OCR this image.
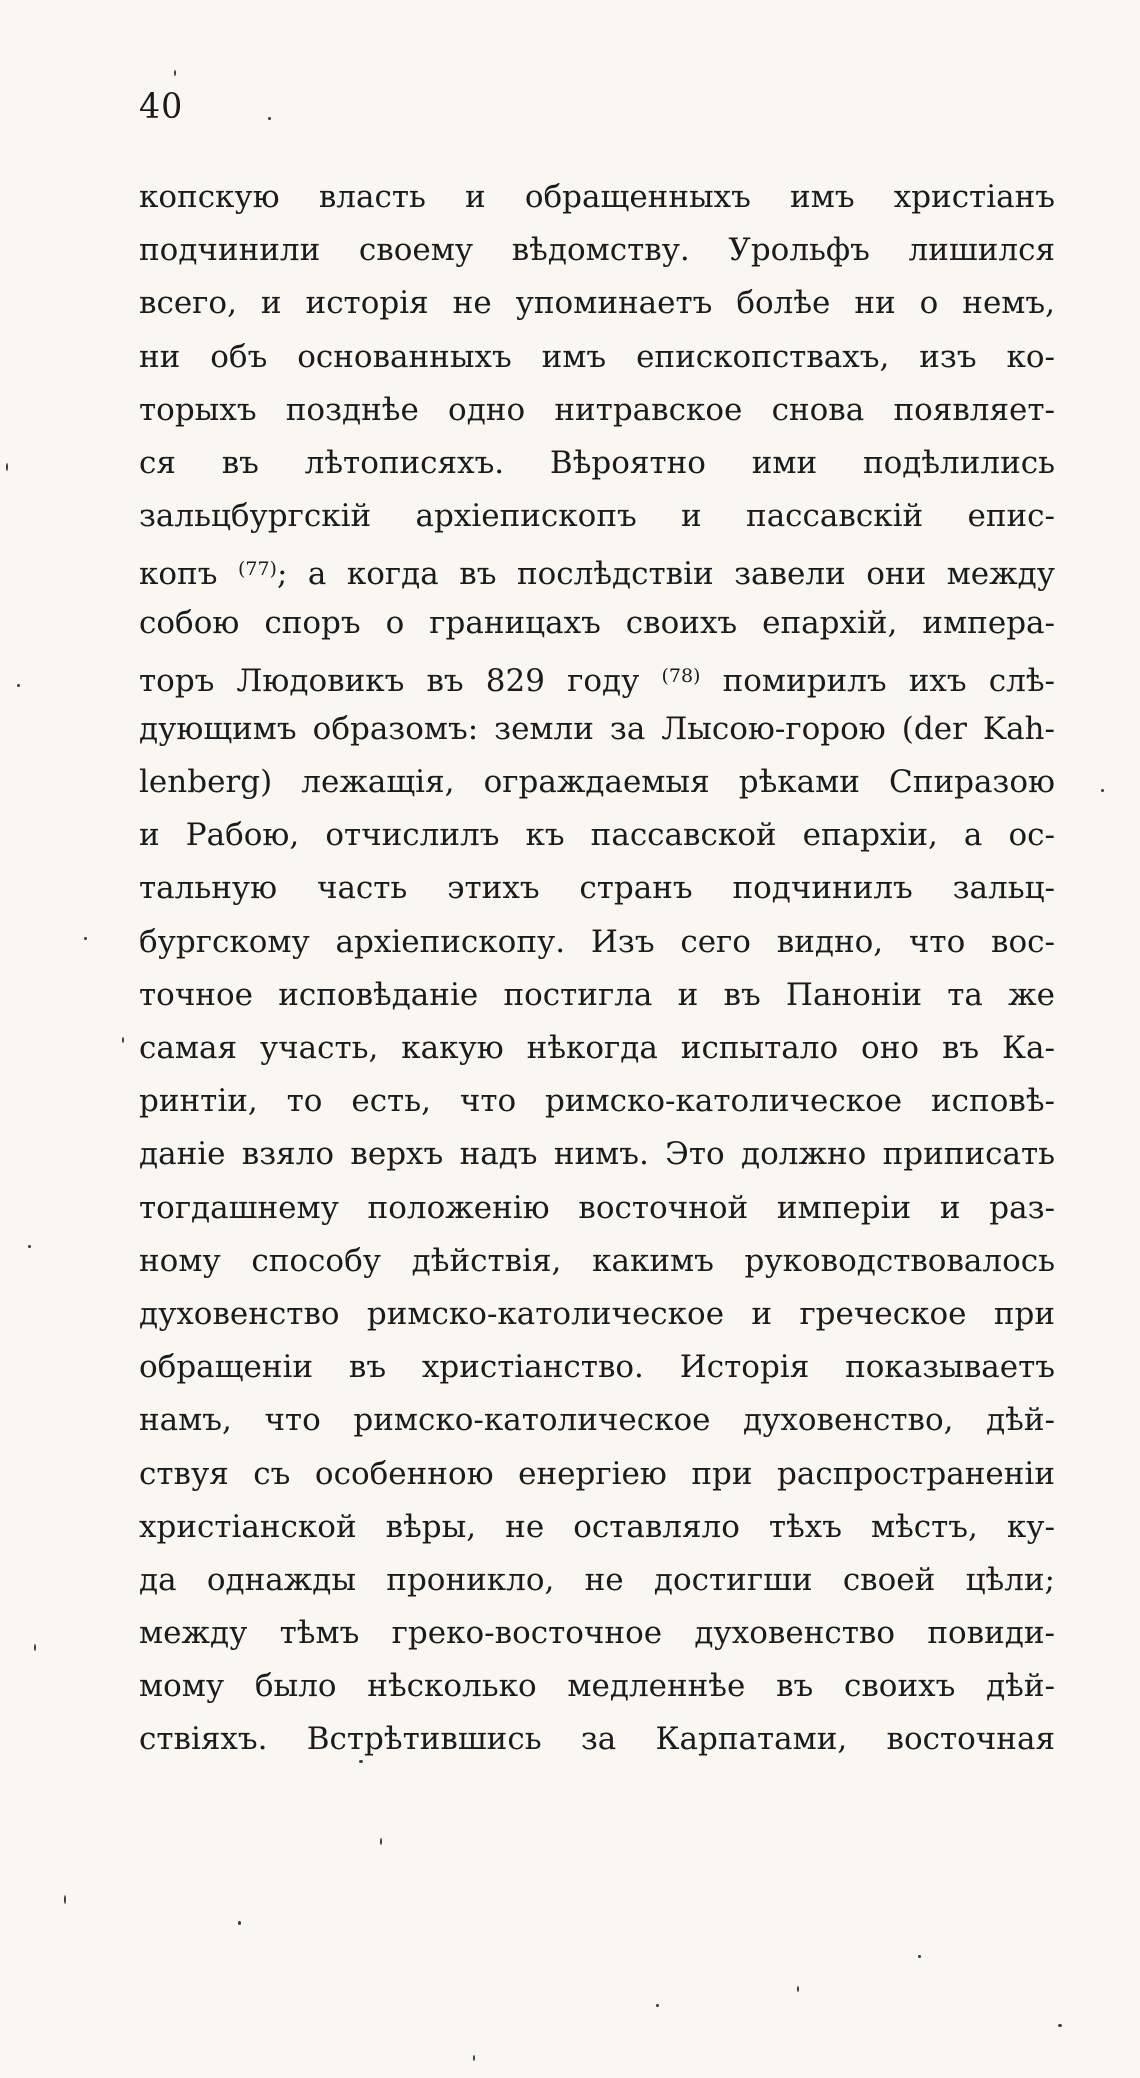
40
копскую власть и обращенныхъ имъ христіанъ
подчинили своему вѣдомству. Урольфъ лишился
всего, и исторія не упоминаетъ болѣе ни о немъ,
ни объ основанныхъ имъ епископствахъ, изъ ко-
торыхъ позднѣе одно нитравское снова появляет-
ся въ лѣтописяхъ. Вѣроятно ими подѣлились
зальцбургскій архіепископъ и пассавскій епис-
копъ $^{(77)}$; а когда въ послѣдствіи завели они между
собою споръ о границахъ своихъ епархій, импера-
торъ Людовикъ въ 829 году $^{(78)}$ помирилъ ихъ слѣ-
дующимъ образомъ: земли за Лысою-горою (der Kah-
lenberg) лежащія, ограждаемыя рѣками Спиразою
и Рабою, отчислилъ къ пассавской епархіи, а ос-
тальную часть этихъ странъ подчинилъ зальц-
бургскому архіепископу. Изъ сего видно, что вос-
точное исповѣданіе постигла и въ Паноніи та же
самая участь, какую нѣкогда испытало оно въ Ка-
ринтіи, то есть, что римско-католическое исповѣ-
даніе взяло верхъ надъ нимъ. Это должно приписать
тогдашнему положенію восточной имперіи и раз-
ному способу дѣйствія, какимъ руководствовалось
духовенство римско-католическое и греческое при
обращеніи въ христіанство. Исторія показываетъ
намъ, что римско-католическое духовенство, дѣй-
ствуя съ особенною енергіею при распространеніи
христіанской вѣры, не оставляло тѣхъ мѣстъ, ку-
да однажды проникло, не достигши своей цѣли;
между тѣмъ греко-восточное духовенство повиди-
мому было нѣсколько медленнѣе въ своихъ дѣй-
ствіяхъ. Встрѣтившись за Карпатами, восточная
